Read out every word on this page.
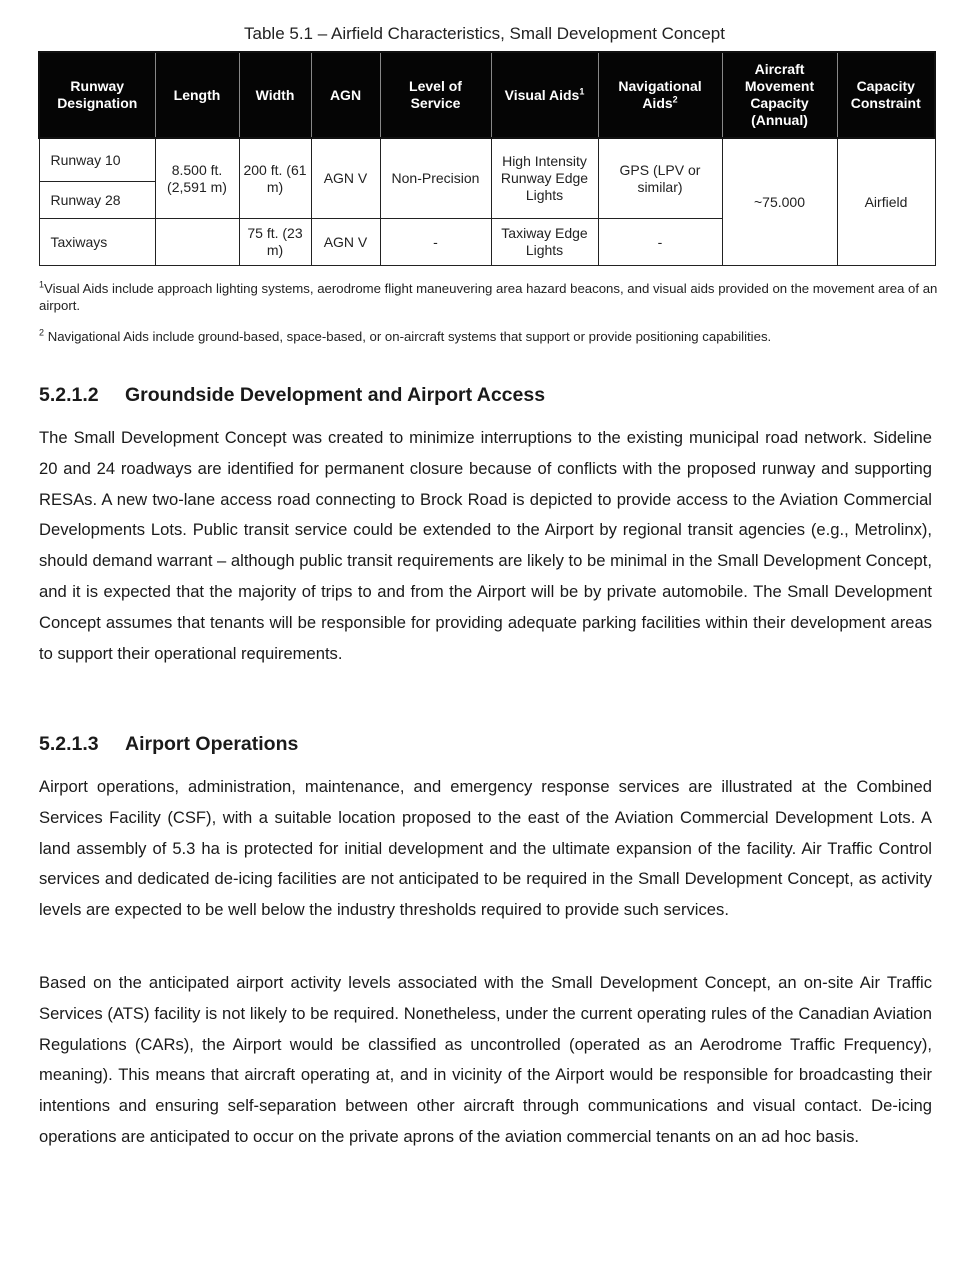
Table 5.1 – Airfield Characteristics, Small Development Concept
Runway Designation	Length	Width	AGN	Level of Service	Visual Aids$^1$	Navigational Aids$^2$	Aircraft Movement Capacity (Annual)	Capacity Constraint
Runway 10	8.500 ft. (2,591 m)	200 ft. (61 m)	AGN V	Non-Precision	High Intensity Runway Edge Lights	GPS (LPV or similar)	~75.000	Airfield
Runway 28								
Taxiways		75 ft. (23 m)	AGN V	-	Taxiway Edge Lights	-		
$^1$Visual Aids include approach lighting systems, aerodrome flight maneuvering area hazard beacons, and visual aids provided on the movement area of an airport.
$^2$ Navigational Aids include ground-based, space-based, or on-aircraft systems that support or provide positioning capabilities.
5.2.1.2 Groundside Development and Airport Access

The Small Development Concept was created to minimize interruptions to the existing municipal road network. Sideline 20 and 24 roadways are identified for permanent closure because of conflicts with the proposed runway and supporting RESAs. A new two-lane access road connecting to Brock Road is depicted to provide access to the Aviation Commercial Developments Lots. Public transit service could be extended to the Airport by regional transit agencies (e.g., Metrolinx), should demand warrant – although public transit requirements are likely to be minimal in the Small Development Concept, and it is expected that the majority of trips to and from the Airport will be by private automobile. The Small Development Concept assumes that tenants will be responsible for providing adequate parking facilities within their development areas to support their operational requirements.

5.2.1.3 Airport Operations

Airport operations, administration, maintenance, and emergency response services are illustrated at the Combined Services Facility (CSF), with a suitable location proposed to the east of the Aviation Commercial Development Lots. A land assembly of 5.3 ha is protected for initial development and the ultimate expansion of the facility. Air Traffic Control services and dedicated de-icing facilities are not anticipated to be required in the Small Development Concept, as activity levels are expected to be well below the industry thresholds required to provide such services.

Based on the anticipated airport activity levels associated with the Small Development Concept, an on-site Air Traffic Services (ATS) facility is not likely to be required. Nonetheless, under the current operating rules of the Canadian Aviation Regulations (CARs), the Airport would be classified as uncontrolled (operated as an Aerodrome Traffic Frequency), meaning). This means that aircraft operating at, and in vicinity of the Airport would be responsible for broadcasting their intentions and ensuring self-separation between other aircraft through communications and visual contact. De-icing operations are anticipated to occur on the private aprons of the aviation commercial tenants on an ad hoc basis.
